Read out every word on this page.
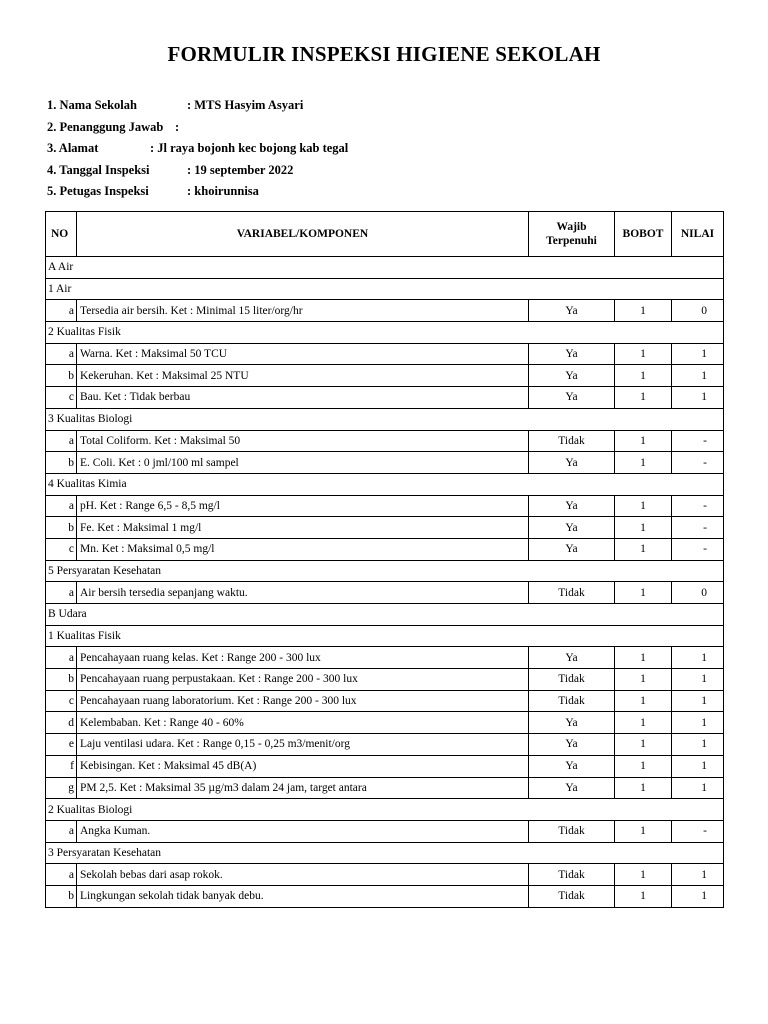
FORMULIR INSPEKSI HIGIENE SEKOLAH
1. Nama Sekolah	: MTS Hasyim Asyari
2. Penanggung Jawab :
3. Alamat	: Jl raya bojonh kec bojong kab tegal
4. Tanggal Inspeksi	: 19 september 2022
5. Petugas Inspeksi	: khoirunnisa
NO	VARIABEL/KOMPONEN	Wajib Terpenuhi	BOBOT	NILAI
A Air				
1 Air				
a	Tersedia air bersih. Ket : Minimal 15 liter/org/hr	Ya	1	0
2 Kualitas Fisik				
a	Warna. Ket : Maksimal 50 TCU	Ya	1	1
b	Kekeruhan. Ket : Maksimal 25 NTU	Ya	1	1
c	Bau. Ket : Tidak berbau	Ya	1	1
3 Kualitas Biologi				
a	Total Coliform. Ket : Maksimal 50	Tidak	1	-
b	E. Coli. Ket : 0 jml/100 ml sampel	Ya	1	-
4 Kualitas Kimia				
a	pH. Ket : Range 6,5 - 8,5 mg/l	Ya	1	-
b	Fe. Ket : Maksimal 1 mg/l	Ya	1	-
c	Mn. Ket : Maksimal 0,5 mg/l	Ya	1	-
5 Persyaratan Kesehatan				
a	Air bersih tersedia sepanjang waktu.	Tidak	1	0
B Udara				
1 Kualitas Fisik				
a	Pencahayaan ruang kelas. Ket : Range 200 - 300 lux	Ya	1	1
b	Pencahayaan ruang perpustakaan. Ket : Range 200 - 300 lux	Tidak	1	1
c	Pencahayaan ruang laboratorium. Ket : Range 200 - 300 lux	Tidak	1	1
d	Kelembaban. Ket : Range 40 - 60%	Ya	1	1
e	Laju ventilasi udara. Ket : Range 0,15 - 0,25 m3/menit/org	Ya	1	1
f	Kebisingan. Ket : Maksimal 45 dB(A)	Ya	1	1
g	PM 2,5. Ket : Maksimal 35 µg/m3 dalam 24 jam, target antara	Ya	1	1
2 Kualitas Biologi				
a	Angka Kuman.	Tidak	1	-
3 Persyaratan Kesehatan				
a	Sekolah bebas dari asap rokok.	Tidak	1	1
b	Lingkungan sekolah tidak banyak debu.	Tidak	1	1
